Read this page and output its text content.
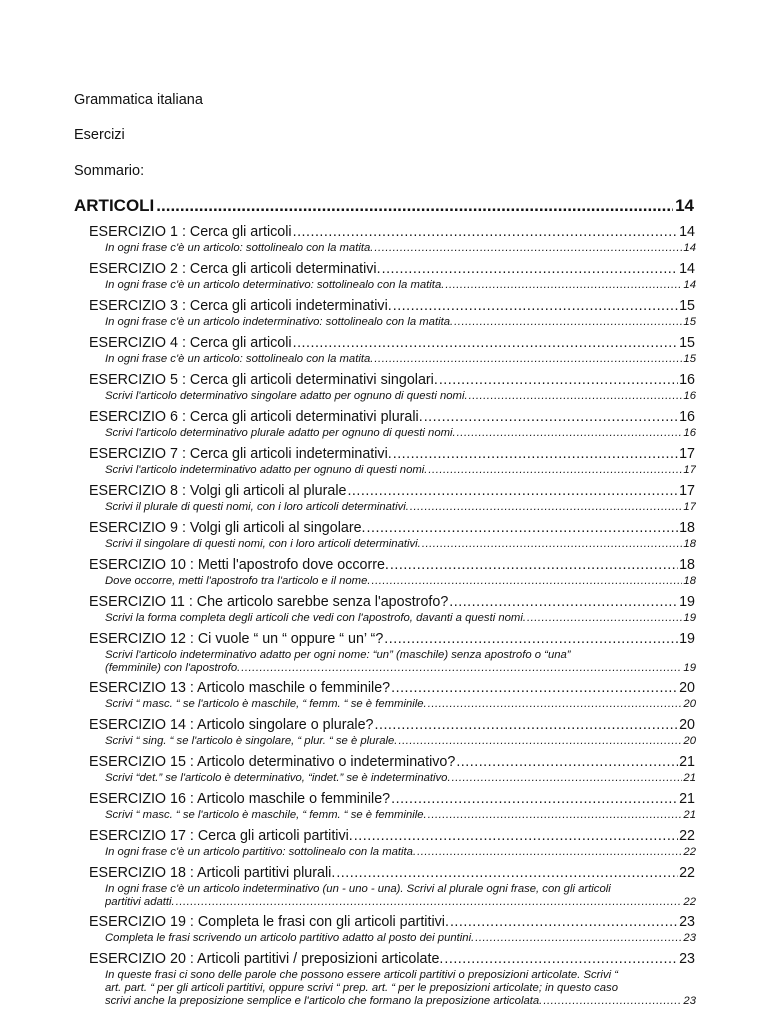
Grammatica italiana
Esercizi
Sommario:
ARTICOLI .....	14
ESERCIZIO 1 : Cerca gli articoli .....	14
In ogni frase c'è un articolo: sottolinealo con la matita. .....	14
ESERCIZIO 2 : Cerca gli articoli determinativi. .....	14
In ogni frase c'è un articolo determinativo: sottolinealo con la matita. .....	14
ESERCIZIO 3 : Cerca gli articoli indeterminativi. .....	15
In ogni frase c'è un articolo indeterminativo: sottolinealo con la matita. .....	15
ESERCIZIO 4 : Cerca gli articoli .....	15
In ogni frase c'è un articolo: sottolinealo con la matita. .....	15
ESERCIZIO 5 : Cerca gli articoli determinativi singolari. .....	16
Scrivi l'articolo determinativo singolare adatto per ognuno di questi nomi. .....	16
ESERCIZIO 6 : Cerca gli articoli determinativi plurali. .....	16
Scrivi l'articolo determinativo plurale adatto per ognuno di questi nomi. .....	16
ESERCIZIO 7 : Cerca gli articoli indeterminativi. .....	17
Scrivi l'articolo indeterminativo adatto per ognuno di questi nomi. .....	17
ESERCIZIO 8 : Volgi gli articoli al plurale .....	17
Scrivi il plurale di questi nomi, con i loro articoli determinativi. .....	17
ESERCIZIO 9 : Volgi gli articoli al singolare. .....	18
Scrivi il singolare di questi nomi, con i loro articoli determinativi. .....	18
ESERCIZIO 10 : Metti l'apostrofo dove occorre. .....	18
Dove occorre, metti l'apostrofo tra l'articolo e il nome. .....	18
ESERCIZIO 11 : Che articolo sarebbe senza l'apostrofo? .....	19
Scrivi la forma completa degli articoli che vedi con l'apostrofo, davanti a questi nomi. .....	19
ESERCIZIO 12 : Ci vuole “ un “ oppure “ un’ “? .....	19
Scrivi l'articolo indeterminativo adatto per ogni nome: “un” (maschile) senza apostrofo o “una”
(femminile) con l'apostrofo. .....	19
ESERCIZIO 13 : Articolo maschile o femminile? .....	20
Scrivi “ masc. “ se l'articolo è maschile, “ femm. “ se è femminile. .....	20
ESERCIZIO 14 : Articolo singolare o plurale? .....	20
Scrivi “ sing. “ se l'articolo è singolare, “ plur. “ se è plurale. .....	20
ESERCIZIO 15 : Articolo determinativo o indeterminativo? .....	21
Scrivi “det.” se l'articolo è determinativo, “indet.” se è indeterminativo. .....	21
ESERCIZIO 16 : Articolo maschile o femminile? .....	21
Scrivi “ masc. “ se l'articolo è maschile, “ femm. “ se è femminile. .....	21
ESERCIZIO 17 : Cerca gli articoli partitivi. .....	22
In ogni frase c'è un articolo partitivo: sottolinealo con la matita. .....	22
ESERCIZIO 18 : Articoli partitivi plurali. .....	22
In ogni frase c'è un articolo indeterminativo (un - uno - una). Scrivi al plurale ogni frase, con gli articoli
partitivi adatti. .....	22
ESERCIZIO 19 : Completa le frasi con gli articoli partitivi. .....	23
Completa le frasi scrivendo un articolo partitivo adatto al posto dei puntini. .....	23
ESERCIZIO 20 : Articoli partitivi / preposizioni articolate. .....	23
In queste frasi ci sono delle parole che possono essere articoli partitivi o preposizioni articolate. Scrivi “
art. part. “ per gli articoli partitivi, oppure scrivi “ prep. art. “ per le preposizioni articolate; in questo caso
scrivi anche la preposizione semplice e l'articolo che formano la preposizione articolata. .....	23
